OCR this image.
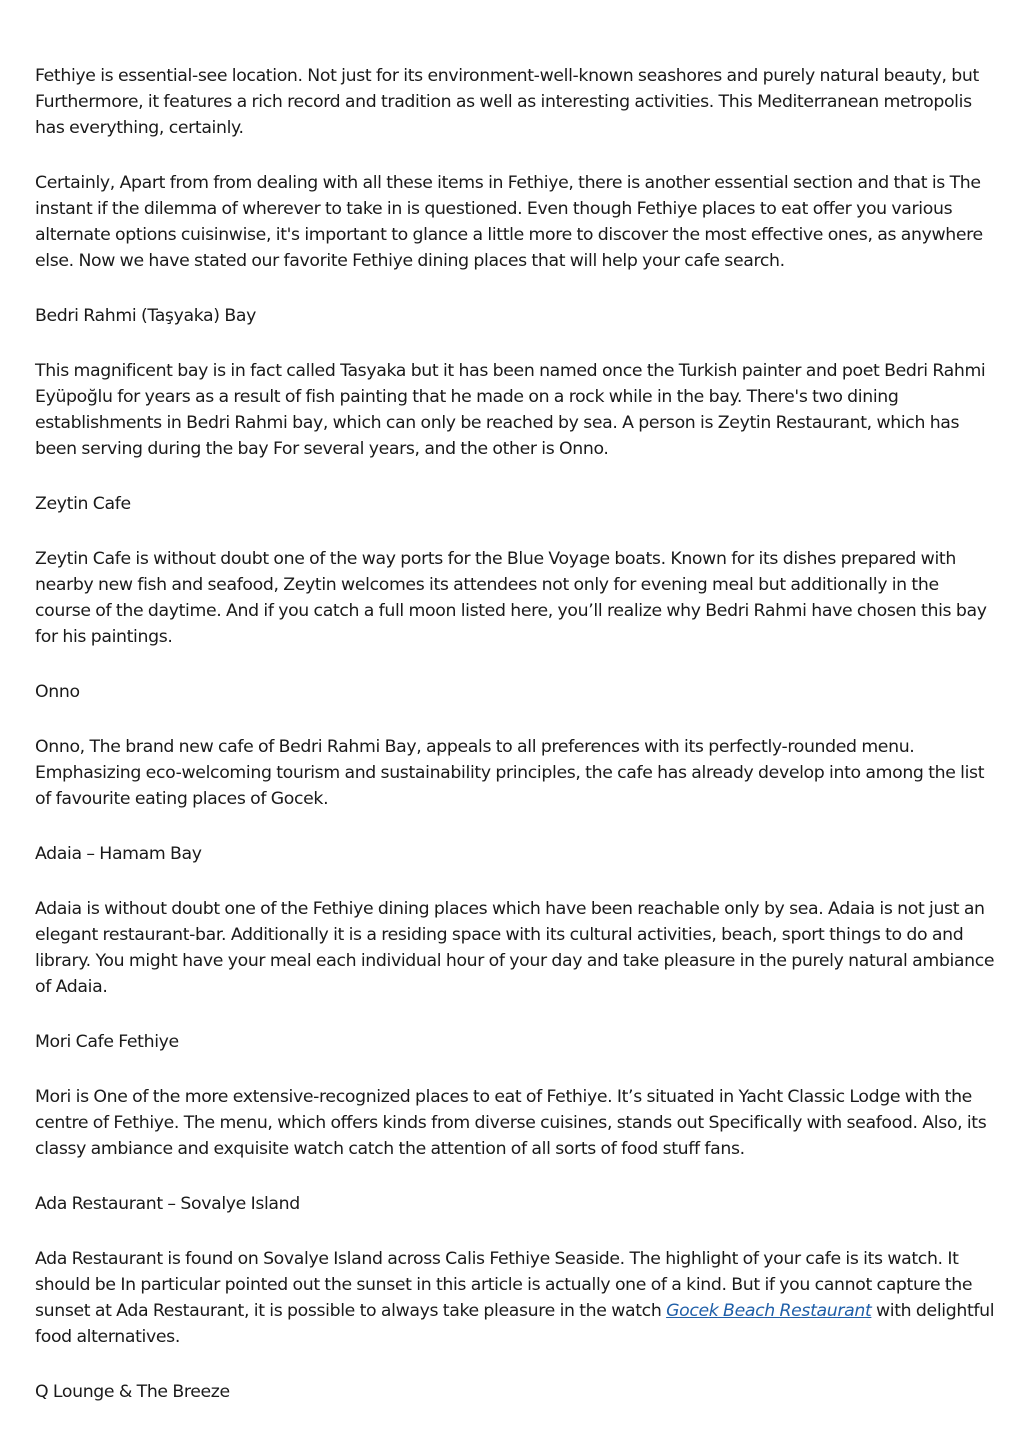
Fethiye is essential-see location. Not just for its environment-well-known seashores and purely natural beauty, but Furthermore, it features a rich record and tradition as well as interesting activities. This Mediterranean metropolis has everything, certainly.

Certainly, Apart from from dealing with all these items in Fethiye, there is another essential section and that is The instant if the dilemma of wherever to take in is questioned. Even though Fethiye places to eat offer you various alternate options cuisinwise, it's important to glance a little more to discover the most effective ones, as anywhere else. Now we have stated our favorite Fethiye dining places that will help your cafe search.

Bedri Rahmi (Taşyaka) Bay

This magnificent bay is in fact called Tasyaka but it has been named once the Turkish painter and poet Bedri Rahmi Eyüpoğlu for years as a result of fish painting that he made on a rock while in the bay. There's two dining establishments in Bedri Rahmi bay, which can only be reached by sea. A person is Zeytin Restaurant, which has been serving during the bay For several years, and the other is Onno.

Zeytin Cafe

Zeytin Cafe is without doubt one of the way ports for the Blue Voyage boats. Known for its dishes prepared with nearby new fish and seafood, Zeytin welcomes its attendees not only for evening meal but additionally in the course of the daytime. And if you catch a full moon listed here, you’ll realize why Bedri Rahmi have chosen this bay for his paintings.

Onno

Onno, The brand new cafe of Bedri Rahmi Bay, appeals to all preferences with its perfectly-rounded menu. Emphasizing eco-welcoming tourism and sustainability principles, the cafe has already develop into among the list of favourite eating places of Gocek.

Adaia – Hamam Bay

Adaia is without doubt one of the Fethiye dining places which have been reachable only by sea. Adaia is not just an elegant restaurant-bar. Additionally it is a residing space with its cultural activities, beach, sport things to do and library. You might have your meal each individual hour of your day and take pleasure in the purely natural ambiance of Adaia.

Mori Cafe Fethiye

Mori is One of the more extensive-recognized places to eat of Fethiye. It’s situated in Yacht Classic Lodge with the centre of Fethiye. The menu, which offers kinds from diverse cuisines, stands out Specifically with seafood. Also, its classy ambiance and exquisite watch catch the attention of all sorts of food stuff fans.

Ada Restaurant – Sovalye Island

Ada Restaurant is found on Sovalye Island across Calis Fethiye Seaside. The highlight of your cafe is its watch. It should be In particular pointed out the sunset in this article is actually one of a kind. But if you cannot capture the sunset at Ada Restaurant, it is possible to always take pleasure in the watch Gocek Beach Restaurant with delightful food alternatives.

Q Lounge & The Breeze
